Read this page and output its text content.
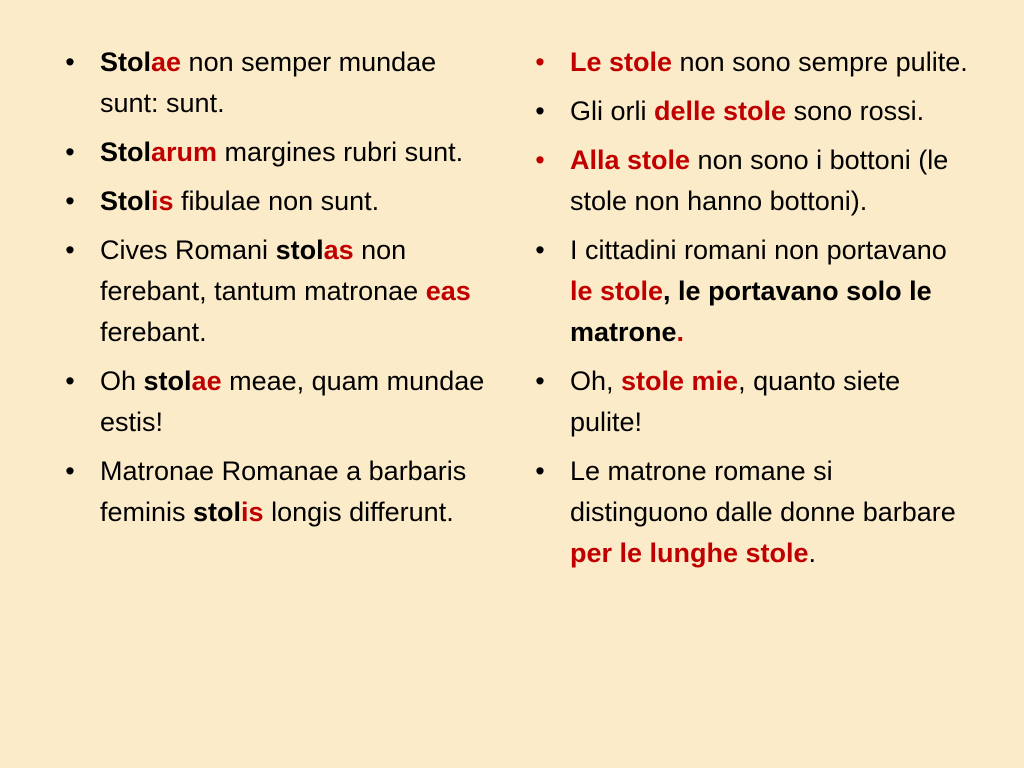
• Stolae non semper mundae sunt: sunt.
• Stolarum margines rubri sunt.
• Stolis fibulae non sunt.
• Cives Romani stolas non ferebant, tantum matronae eas ferebant.
• Oh stolae meae, quam mundae estis!
• Matronae Romanae a barbaris feminis stolis longis differunt.
• Le stole non sono sempre pulite.
• Gli orli delle stole sono rossi.
• Alla stole non sono i bottoni (le stole non hanno bottoni).
• I cittadini romani non portavano le stole, le portavano solo le matrone.
• Oh, stole mie, quanto siete pulite!
• Le matrone romane si distinguono dalle donne barbare per le lunghe stole.
